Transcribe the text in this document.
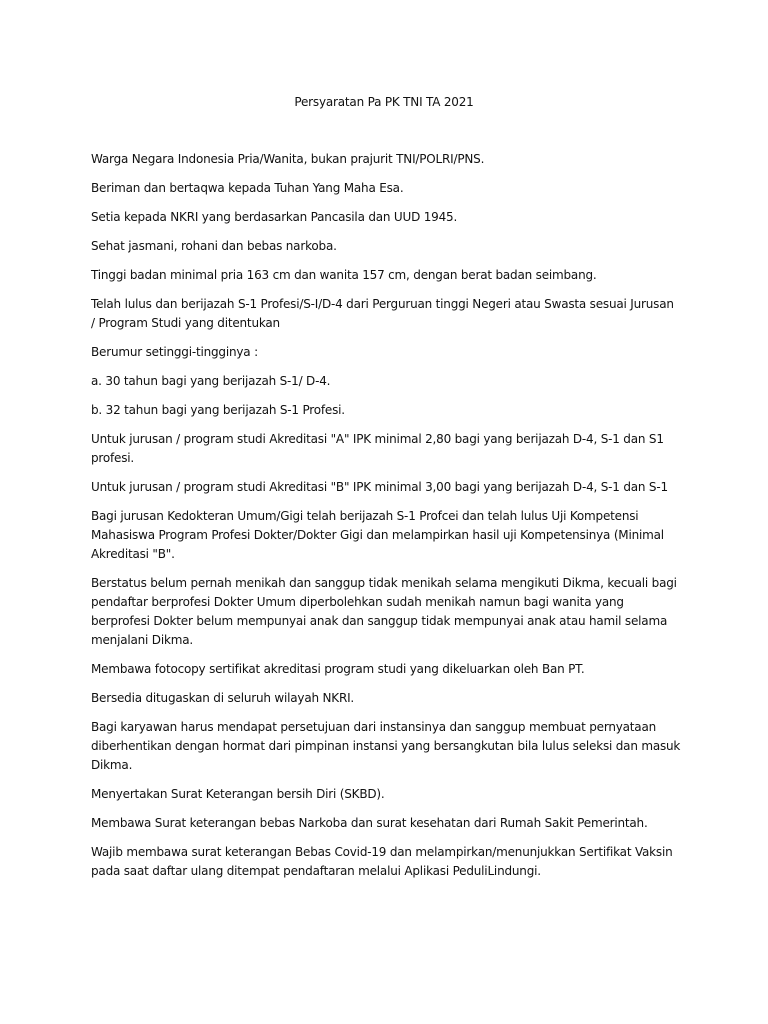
Persyaratan Pa PK TNI TA 2021

Warga Negara Indonesia Pria/Wanita, bukan prajurit TNI/POLRI/PNS.

Beriman dan bertaqwa kepada Tuhan Yang Maha Esa.

Setia kepada NKRI yang berdasarkan Pancasila dan UUD 1945.

Sehat jasmani, rohani dan bebas narkoba.

Tinggi badan minimal pria 163 cm dan wanita 157 cm, dengan berat badan seimbang.

Telah lulus dan berijazah S-1 Profesi/S-I/D-4 dari Perguruan tinggi Negeri atau Swasta sesuai Jurusan / Program Studi yang ditentukan

Berumur setinggi-tingginya :

a. 30 tahun bagi yang berijazah S-1/ D-4.

b. 32 tahun bagi yang berijazah S-1 Profesi.

Untuk jurusan / program studi Akreditasi "A" IPK minimal 2,80 bagi yang berijazah D-4, S-1 dan S1 profesi.

Untuk jurusan / program studi Akreditasi "B" IPK minimal 3,00 bagi yang berijazah D-4, S-1 dan S-1

Bagi jurusan Kedokteran Umum/Gigi telah berijazah S-1 Profcei dan telah lulus Uji Kompetensi Mahasiswa Program Profesi Dokter/Dokter Gigi dan melampirkan hasil uji Kompetensinya (Minimal Akreditasi "B".

Berstatus belum pernah menikah dan sanggup tidak menikah selama mengikuti Dikma, kecuali bagi pendaftar berprofesi Dokter Umum diperbolehkan sudah menikah namun bagi wanita yang berprofesi Dokter belum mempunyai anak dan sanggup tidak mempunyai anak atau hamil selama menjalani Dikma.

Membawa fotocopy sertifikat akreditasi program studi yang dikeluarkan oleh Ban PT.

Bersedia ditugaskan di seluruh wilayah NKRI.

Bagi karyawan harus mendapat persetujuan dari instansinya dan sanggup membuat pernyataan diberhentikan dengan hormat dari pimpinan instansi yang bersangkutan bila lulus seleksi dan masuk Dikma.

Menyertakan Surat Keterangan bersih Diri (SKBD).

Membawa Surat keterangan bebas Narkoba dan surat kesehatan dari Rumah Sakit Pemerintah.

Wajib membawa surat keterangan Bebas Covid-19 dan melampirkan/menunjukkan Sertifikat Vaksin pada saat daftar ulang ditempat pendaftaran melalui Aplikasi PeduliLindungi.
